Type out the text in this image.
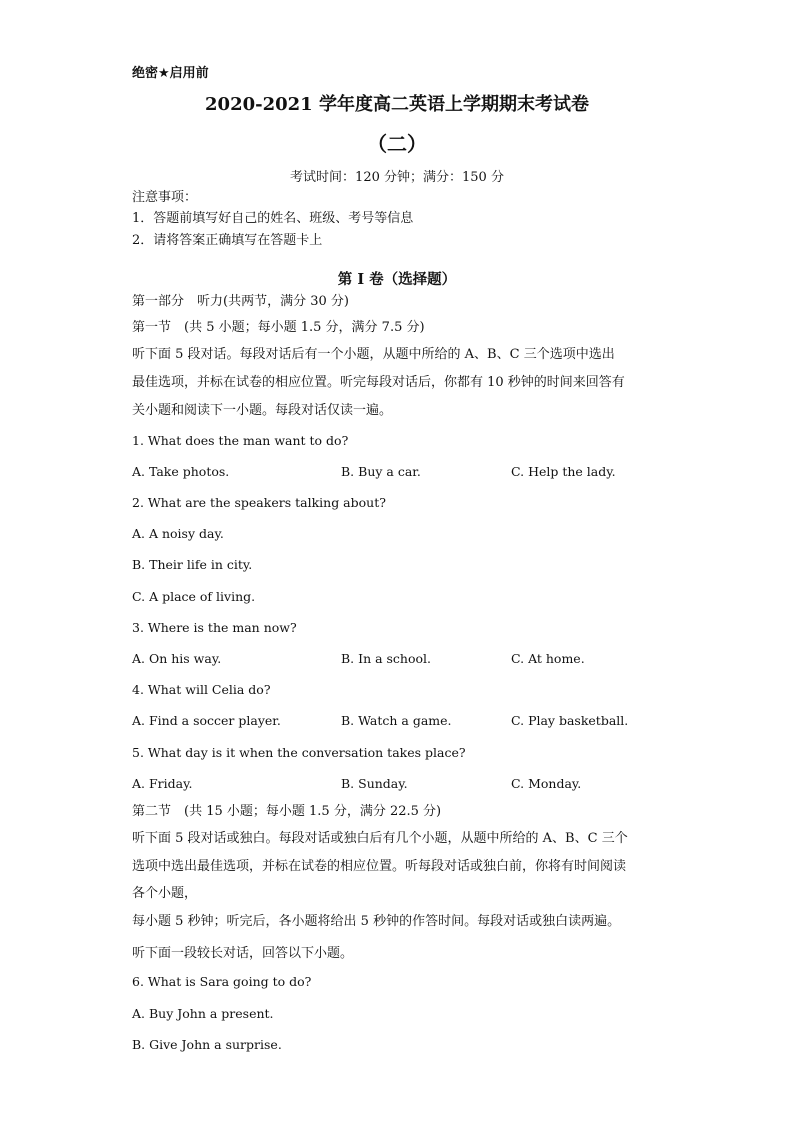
绝密★启用前
2020-2021 学年度高二英语上学期期末考试卷
（二）
考试时间：120 分钟；满分：150 分
注意事项：
1．答题前填写好自己的姓名、班级、考号等信息
2．请将答案正确填写在答题卡上
第 I 卷（选择题）
第一部分　听力(共两节，满分 30 分)
第一节　(共 5 小题；每小题 1.5 分，满分 7.5 分)
听下面 5 段对话。每段对话后有一个小题，从题中所给的 A、B、C 三个选项中选出
最佳选项，并标在试卷的相应位置。听完每段对话后，你都有 10 秒钟的时间来回答有
关小题和阅读下一小题。每段对话仅读一遍。
1. What does the man want to do?
A. Take photos.	B. Buy a car.	C. Help the lady.
2. What are the speakers talking about?
A. A noisy day.
B. Their life in city.
C. A place of living.
3. Where is the man now?
A. On his way.	B. In a school.	C. At home.
4. What will Celia do?
A. Find a soccer player.	B. Watch a game.	C. Play basketball.
5. What day is it when the conversation takes place?
A. Friday.	B. Sunday.	C. Monday.
第二节　(共 15 小题；每小题 1.5 分，满分 22.5 分)
听下面 5 段对话或独白。每段对话或独白后有几个小题，从题中所给的 A、B、C 三个
选项中选出最佳选项，并标在试卷的相应位置。听每段对话或独白前，你将有时间阅读
各个小题，
每小题 5 秒钟；听完后，各小题将给出 5 秒钟的作答时间。每段对话或独白读两遍。
听下面一段较长对话，回答以下小题。
6. What is Sara going to do?
A. Buy John a present.
B. Give John a surprise.
